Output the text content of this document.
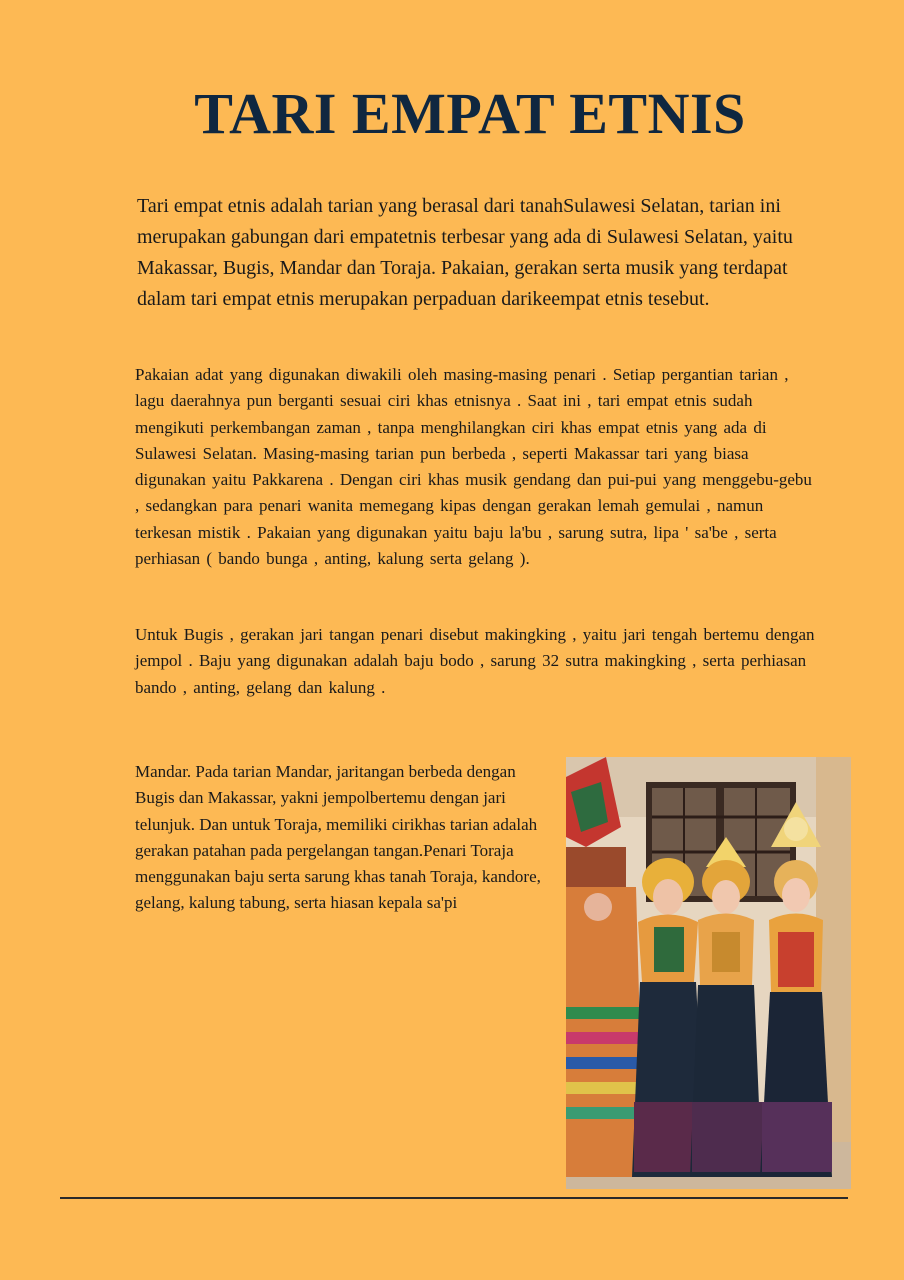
TARI EMPAT ETNIS

Tari empat etnis adalah tarian yang berasal dari tanahSulawesi Selatan, tarian ini merupakan gabungan dari empatetnis terbesar yang ada di Sulawesi Selatan, yaitu Makassar, Bugis, Mandar dan Toraja. Pakaian, gerakan serta musik yang terdapat dalam tari empat etnis merupakan perpaduan darikeempat etnis tesebut.

Pakaian adat yang digunakan diwakili oleh masing-masing penari . Setiap pergantian tarian , lagu daerahnya pun berganti sesuai ciri khas etnisnya . Saat ini , tari empat etnis sudah mengikuti perkembangan zaman , tanpa menghilangkan ciri khas empat etnis yang ada di Sulawesi Selatan. Masing-masing tarian pun berbeda , seperti Makassar tari yang biasa digunakan yaitu Pakkarena . Dengan ciri khas musik gendang dan pui-pui yang menggebu-gebu , sedangkan para penari wanita memegang kipas dengan gerakan lemah gemulai , namun terkesan mistik . Pakaian yang digunakan yaitu baju la'bu , sarung sutra, lipa ' sa'be , serta perhiasan ( bando bunga , anting, kalung serta gelang ).

Untuk Bugis , gerakan jari tangan penari disebut makingking , yaitu jari tengah bertemu dengan jempol . Baju yang digunakan adalah baju bodo , sarung 32 sutra makingking , serta perhiasan bando , anting, gelang dan kalung .

Mandar. Pada tarian Mandar, jaritangan berbeda dengan Bugis dan Makassar, yakni jempolbertemu dengan jari telunjuk. Dan untuk Toraja, memiliki cirikhas tarian adalah gerakan patahan pada pergelangan tangan.Penari Toraja menggunakan baju serta sarung khas tanah Toraja, kandore, gelang, kalung tabung, serta hiasan kepala sa'pi
